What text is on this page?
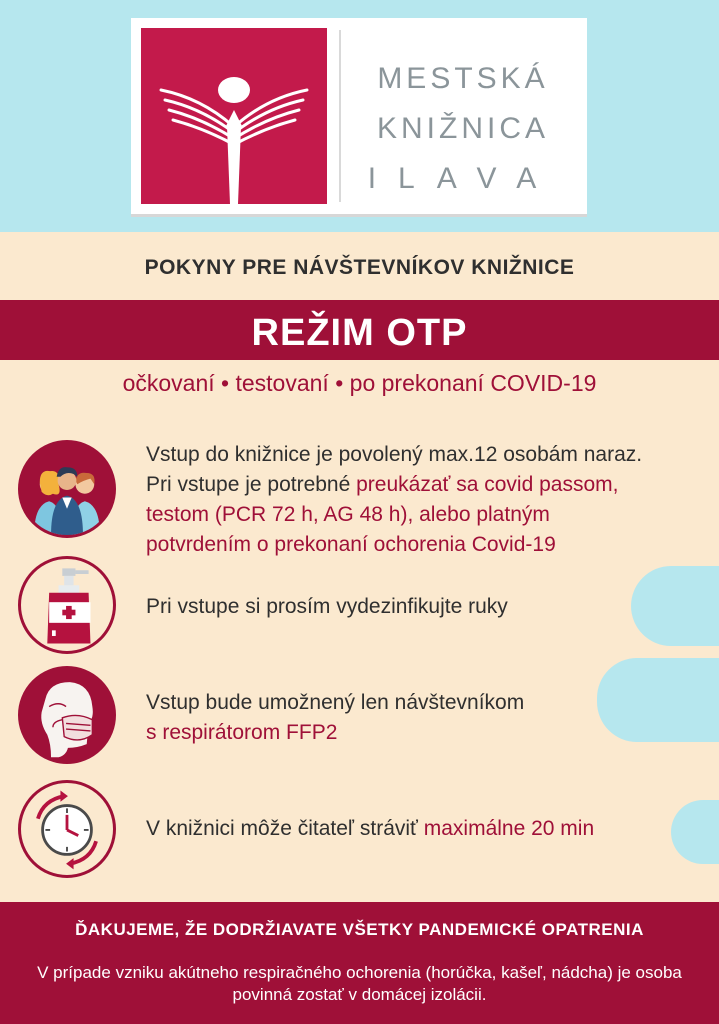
MESTSKÁ
KNIŽNICA
ILAVA
POKYNY PRE NÁVŠTEVNÍKOV KNIŽNICE
REŽIM OTP
očkovaní • testovaní • po prekonaní COVID-19
Vstup do knižnice je povolený max.12 osobám naraz.
Pri vstupe je potrebné preukázať sa covid passom,
testom (PCR 72 h, AG 48 h), alebo platným
potvrdením o prekonaní ochorenia Covid-19
Pri vstupe si prosím vydezinfikujte ruky
Vstup bude umožnený len návštevníkom
s respirátorom FFP2
V knižnici môže čitateľ stráviť maximálne 20 min
ĎAKUJEME, ŽE DODRŽIAVATE VŠETKY PANDEMICKÉ OPATRENIA
V prípade vzniku akútneho respiračného ochorenia (horúčka, kašeľ, nádcha) je osoba povinná zostať v domácej izolácii.
